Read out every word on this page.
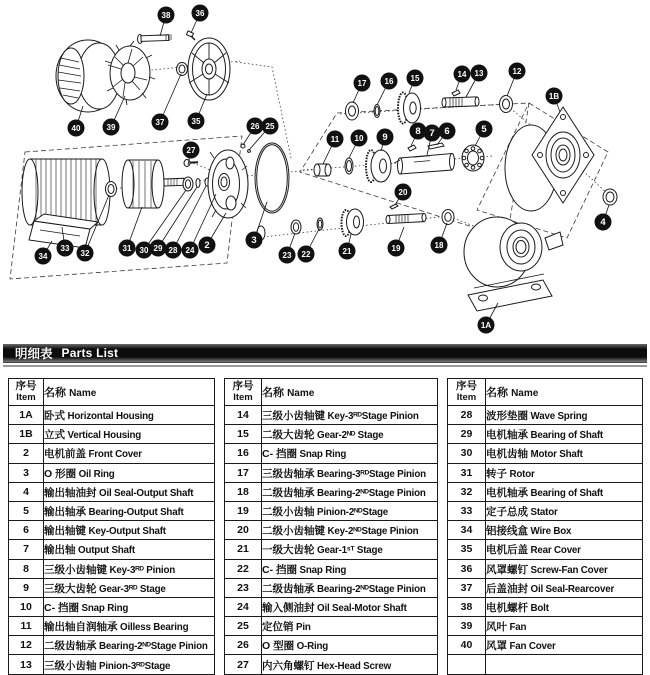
38	36
40	39
37	35
27
26 25
17 16 15	14 13	12
1B
11 10 9
8 7 6	5
20
4
34
33
32
31 30 29 28 24 2	3
23 22	21	19	18
1A
明细表 Parts List
序号
Item	名称 Name
1A	卧式 Horizontal Housing
1B	立式 Vertical Housing
2	电机前盖 Front Cover
3	O 形圈 Oil Ring
4	输出轴油封 Oil Seal-Output Shaft
5	输出轴承 Bearing-Output Shaft
6	输出轴键 Key-Output Shaft
7	输出轴 Output Shaft
8	三级小齿轴键 Key-3ᴿᴰ Pinion
9	三级大齿轮 Gear-3ᴿᴰ Stage
10	C- 挡圈 Snap Ring
11	输出轴自润轴承 Oilless Bearing
12	二级齿轴承 Bearing-2ᴺᴰStage Pinion
13	三级小齿轴 Pinion-3ᴿᴰStage
序号
Item	名称 Name
14	三级小齿轴键 Key-3ᴿᴰStage Pinion
15	二级大齿轮 Gear-2ᴺᴰ Stage
16	C- 挡圈 Snap Ring
17	三级齿轴承 Bearing-3ᴿᴰStage Pinion
18	二级齿轴承 Bearing-2ᴺᴰStage Pinion
19	二级小齿轴 Pinion-2ᴺᴰStage
20	二级小齿轴键 Key-2ᴺᴰStage Pinion
21	一级大齿轮 Gear-1ˢᵀ Stage
22	C- 挡圈 Snap Ring
23	二级齿轴承 Bearing-2ᴺᴰStage Pinion
24	输入侧油封 Oil Seal-Motor Shaft
25	定位销 Pin
26	O 型圈 O-Ring
27	内六角螺钉 Hex-Head Screw
序号
Item	名称 Name
28	波形垫圈 Wave Spring
29	电机轴承 Bearing of Shaft
30	电机齿轴 Motor Shaft
31	转子 Rotor
32	电机轴承 Bearing of Shaft
33	定子总成 Stator
34	铝接线盒 Wire Box
35	电机后盖 Rear Cover
36	风罩螺钉 Screw-Fan Cover
37	后盖油封 Oil Seal-Rearcover
38	电机螺杆 Bolt
39	风叶 Fan
40	风罩 Fan Cover
